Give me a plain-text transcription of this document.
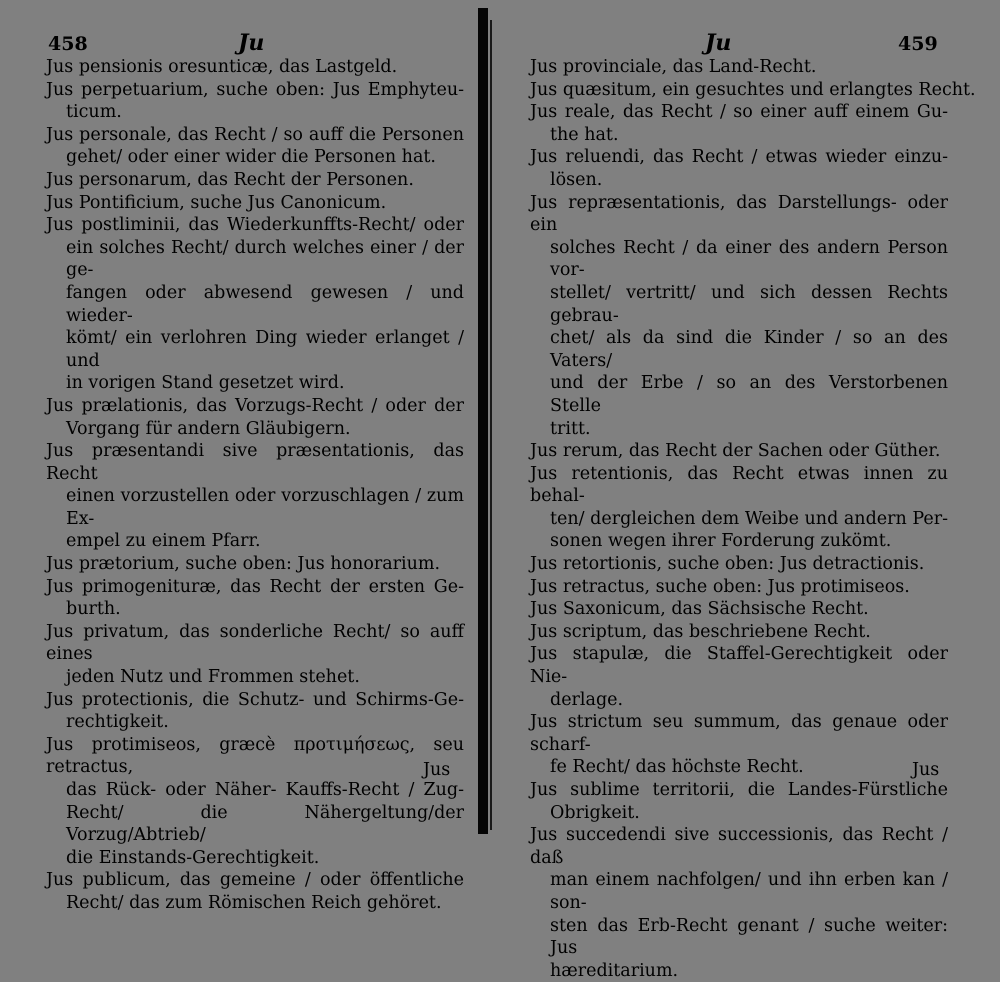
458	Ju
Jus pensionis oresunticæ, das Lastgeld.
Jus perpetuarium, suche oben: Jus Emphyteu-
ticum.
Jus personale, das Recht / so auff die Personen
gehet/ oder einer wider die Personen hat.
Jus personarum, das Recht der Personen.
Jus Pontificium, suche Jus Canonicum.
Jus postliminii, das Wiederkunffts-Recht/ oder
ein solches Recht/ durch welches einer / der ge-
fangen oder abwesend gewesen / und wieder-
kömt/ ein verlohren Ding wieder erlanget / und
in vorigen Stand gesetzet wird.
Jus prælationis, das Vorzugs-Recht / oder der
Vorgang für andern Gläubigern.
Jus præsentandi sive præsentationis, das Recht
einen vorzustellen oder vorzuschlagen / zum Ex-
empel zu einem Pfarr.
Jus prætorium, suche oben: Jus honorarium.
Jus primogenituræ, das Recht der ersten Ge-
burth.
Jus privatum, das sonderliche Recht/ so auff eines
jeden Nutz und Frommen stehet.
Jus protectionis, die Schutz- und Schirms-Ge-
rechtigkeit.
Jus protimiseos, græcè προτιμήσεως, seu retractus,
das Rück- oder Näher- Kauffs-Recht / Zug-
Recht/ die Nähergeltung/der Vorzug/Abtrieb/
die Einstands-Gerechtigkeit.
Jus publicum, das gemeine / oder öffentliche
Recht/ das zum Römischen Reich gehöret.
Jus
Ju	459
Jus provinciale, das Land-Recht.
Jus quæsitum, ein gesuchtes und erlangtes Recht.
Jus reale, das Recht / so einer auff einem Gu-
the hat.
Jus reluendi, das Recht / etwas wieder einzu-
lösen.
Jus repræsentationis, das Darstellungs- oder ein
solches Recht / da einer des andern Person vor-
stellet/ vertritt/ und sich dessen Rechts gebrau-
chet/ als da sind die Kinder / so an des Vaters/
und der Erbe / so an des Verstorbenen Stelle
tritt.
Jus rerum, das Recht der Sachen oder Güther.
Jus retentionis, das Recht etwas innen zu behal-
ten/ dergleichen dem Weibe und andern Per-
sonen wegen ihrer Forderung zukömt.
Jus retortionis, suche oben: Jus detractionis.
Jus retractus, suche oben: Jus protimiseos.
Jus Saxonicum, das Sächsische Recht.
Jus scriptum, das beschriebene Recht.
Jus stapulæ, die Staffel-Gerechtigkeit oder Nie-
derlage.
Jus strictum seu summum, das genaue oder scharf-
fe Recht/ das höchste Recht.
Jus sublime territorii, die Landes-Fürstliche
Obrigkeit.
Jus succedendi sive successionis, das Recht / daß
man einem nachfolgen/ und ihn erben kan / son-
sten das Erb-Recht genant / suche weiter: Jus
hæreditarium.
Jus
